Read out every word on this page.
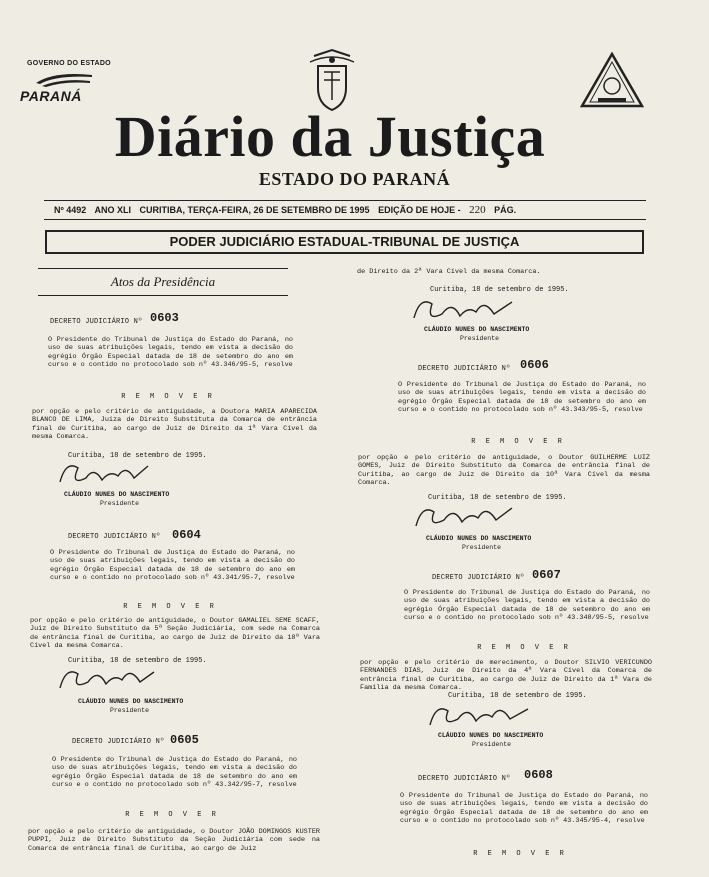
GOVERNO DO ESTADO
PARANÁ
Diário da Justiça
ESTADO DO PARANÁ
Nº 4492 ANO XLI CURITIBA, TERÇA-FEIRA, 26 DE SETEMBRO DE 1995 EDIÇÃO DE HOJE - 220 PÁG.
PODER JUDICIÁRIO ESTADUAL-TRIBUNAL DE JUSTIÇA
Atos da Presidência
DECRETO JUDICIÁRIO Nº 0603
O Presidente do Tribunal de Justiça do Estado do Paraná, no uso de suas atribuições legais, tendo em vista a decisão do egrégio Órgão Especial datada de 18 de setembro do ano em curso e o contido no protocolado sob nº 43.346/95-5, resolve
R E M O V E R
por opção e pelo critério de antiguidade, a Doutora MARIA APARECIDA BLANCO DE LIMA, Juíza de Direito Substituta da Comarca de entrância final de Curitiba, ao cargo de Juiz de Direito da 1ª Vara Cível da mesma Comarca.
Curitiba, 18 de setembro de 1995.
CLÁUDIO NUNES DO NASCIMENTO
Presidente
DECRETO JUDICIÁRIO Nº 0604
O Presidente do Tribunal de Justiça do Estado do Paraná, no uso de suas atribuições legais, tendo em vista a decisão do egrégio Órgão Especial datada de 18 de setembro do ano em curso e o contido no protocolado sob nº 43.341/95-7, resolve
R E M O V E R
por opção e pelo critério de antiguidade, o Doutor GAMALIEL SEME SCAFF, Juiz de Direito Substituto da 5ª Seção Judiciária, com sede na Comarca de entrância final de Curitiba, ao cargo de Juiz de Direito da 18ª Vara Cível da mesma Comarca.
Curitiba, 18 de setembro de 1995.
CLÁUDIO NUNES DO NASCIMENTO
Presidente
DECRETO JUDICIÁRIO Nº 0605
O Presidente do Tribunal de Justiça do Estado do Paraná, no uso de suas atribuições legais, tendo em vista a decisão do egrégio Órgão Especial datada de 18 de setembro do ano em curso e o contido no protocolado sob nº 43.342/95-7, resolve
R E M O V E R
por opção e pelo critério de antiguidade, o Doutor JOÃO DOMINGOS KUSTER PUPPI, Juiz de Direito Substituto da Seção Judiciária com sede na Comarca de entrância final de Curitiba, ao cargo de Juiz
de Direito da 2ª Vara Cível da mesma Comarca.
Curitiba, 18 de setembro de 1995.
CLÁUDIO NUNES DO NASCIMENTO
Presidente
DECRETO JUDICIÁRIO Nº 0606
O Presidente do Tribunal de Justiça do Estado do Paraná, no uso de suas atribuições legais, tendo em vista a decisão do egrégio Órgão Especial datada de 18 de setembro do ano em curso e o contido no protocolado sob nº 43.343/95-5, resolve
R E M O V E R
por opção e pelo critério de antiguidade, o Doutor GUILHERME LUIZ GOMES, Juiz de Direito Substituto da Comarca de entrância final de Curitiba, ao cargo de Juiz de Direito da 10ª Vara Cível da mesma Comarca.
Curitiba, 18 de setembro de 1995.
CLÁUDIO NUNES DO NASCIMENTO
Presidente
DECRETO JUDICIÁRIO Nº 0607
O Presidente do Tribunal de Justiça do Estado do Paraná, no uso de suas atribuições legais, tendo em vista a decisão do egrégio Órgão Especial datada de 18 de setembro do ano em curso e o contido no protocolado sob nº 43.348/95-5, resolve
R E M O V E R
por opção e pelo critério de merecimento, o Doutor SILVIO VERICUNDO FERNANDES DIAS, Juiz de Direito da 4ª Vara Cível da Comarca de entrância final de Curitiba, ao cargo de Juiz de Direito da 1ª Vara de Família da mesma Comarca.
Curitiba, 18 de setembro de 1995.
CLÁUDIO NUNES DO NASCIMENTO
Presidente
DECRETO JUDICIÁRIO Nº 0608
O Presidente do Tribunal de Justiça do Estado do Paraná, no uso de suas atribuições legais, tendo em vista a decisão do egrégio Órgão Especial datada de 18 de setembro do ano em curso e o contido no protocolado sob nº 43.345/95-4, resolve
R E M O V E R
